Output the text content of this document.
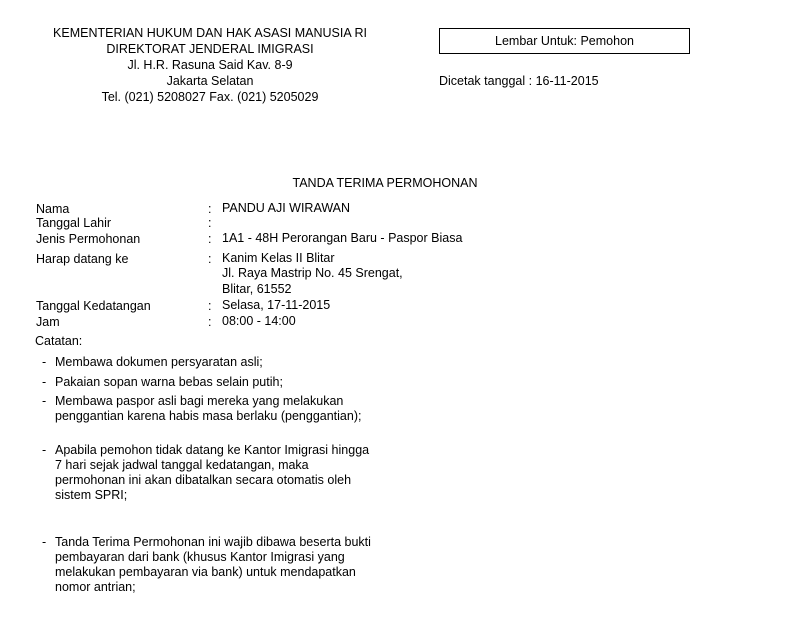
KEMENTERIAN HUKUM DAN HAK ASASI MANUSIA RI
DIREKTORAT JENDERAL IMIGRASI
Jl. H.R. Rasuna Said Kav. 8-9
Jakarta Selatan
Tel. (021) 5208027 Fax. (021) 5205029
Lembar Untuk: Pemohon
Dicetak tanggal : 16-11-2015
TANDA TERIMA PERMOHONAN
Nama	: PANDU AJI WIRAWAN
Tanggal Lahir	:
Jenis Permohonan	: 1A1 - 48H Perorangan Baru - Paspor Biasa
Harap datang ke	: Kanim Kelas II Blitar
Jl. Raya Mastrip No. 45 Srengat,
Blitar, 61552
Tanggal Kedatangan	: Selasa, 17-11-2015
Jam	: 08:00 - 14:00
Catatan:
- Membawa dokumen persyaratan asli;
- Pakaian sopan warna bebas selain putih;
- Membawa paspor asli bagi mereka yang melakukan
penggantian karena habis masa berlaku (penggantian);
- Apabila pemohon tidak datang ke Kantor Imigrasi hingga
7 hari sejak jadwal tanggal kedatangan, maka
permohonan ini akan dibatalkan secara otomatis oleh
sistem SPRI;
- Tanda Terima Permohonan ini wajib dibawa beserta bukti
pembayaran dari bank (khusus Kantor Imigrasi yang
melakukan pembayaran via bank) untuk mendapatkan
nomor antrian;
